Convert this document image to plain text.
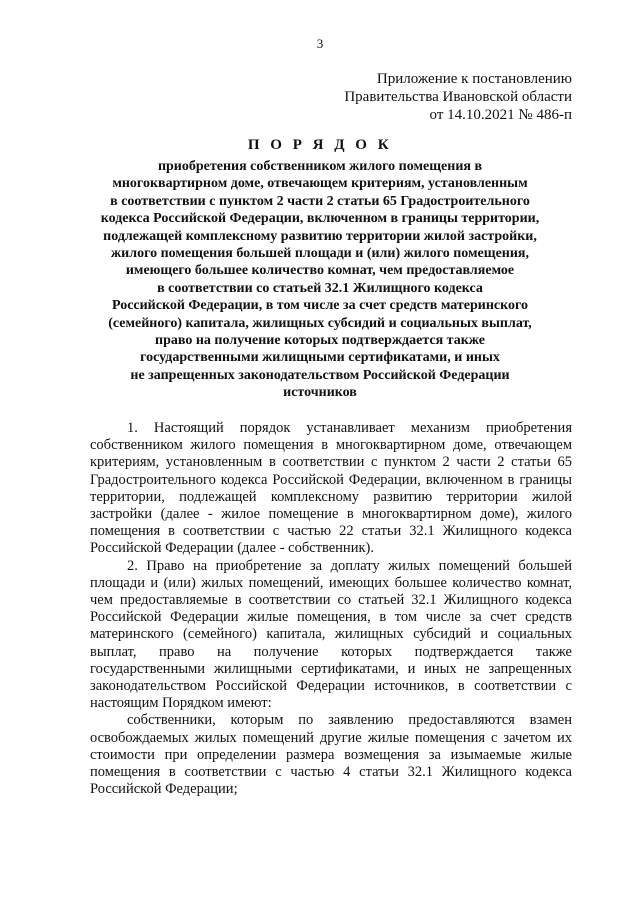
3
Приложение к постановлению
Правительства Ивановской области
от 14.10.2021 № 486-п
П О Р Я Д О К
приобретения собственником жилого помещения в
многоквартирном доме, отвечающем критериям, установленным
в соответствии с пунктом 2 части 2 статьи 65 Градостроительного
кодекса Российской Федерации, включенном в границы территории,
подлежащей комплексному развитию территории жилой застройки,
жилого помещения большей площади и (или) жилого помещения,
имеющего большее количество комнат, чем предоставляемое
в соответствии со статьей 32.1 Жилищного кодекса
Российской Федерации, в том числе за счет средств материнского
(семейного) капитала, жилищных субсидий и социальных выплат,
право на получение которых подтверждается также
государственными жилищными сертификатами, и иных
не запрещенных законодательством Российской Федерации
источников

1. Настоящий порядок устанавливает механизм приобретения собственником жилого помещения в многоквартирном доме, отвечающем критериям, установленным в соответствии с пунктом 2 части 2 статьи 65 Градостроительного кодекса Российской Федерации, включенном в границы территории, подлежащей комплексному развитию территории жилой застройки (далее - жилое помещение в многоквартирном доме), жилого помещения в соответствии с частью 22 статьи 32.1 Жилищного кодекса Российской Федерации (далее - собственник).

2. Право на приобретение за доплату жилых помещений большей площади и (или) жилых помещений, имеющих большее количество комнат, чем предоставляемые в соответствии со статьей 32.1 Жилищного кодекса Российской Федерации жилые помещения, в том числе за счет средств материнского (семейного) капитала, жилищных субсидий и социальных выплат, право на получение которых подтверждается также государственными жилищными сертификатами, и иных не запрещенных законодательством Российской Федерации источников, в соответствии с настоящим Порядком имеют:

собственники, которым по заявлению предоставляются взамен освобождаемых жилых помещений другие жилые помещения с зачетом их стоимости при определении размера возмещения за изымаемые жилые помещения в соответствии с частью 4 статьи 32.1 Жилищного кодекса Российской Федерации;
